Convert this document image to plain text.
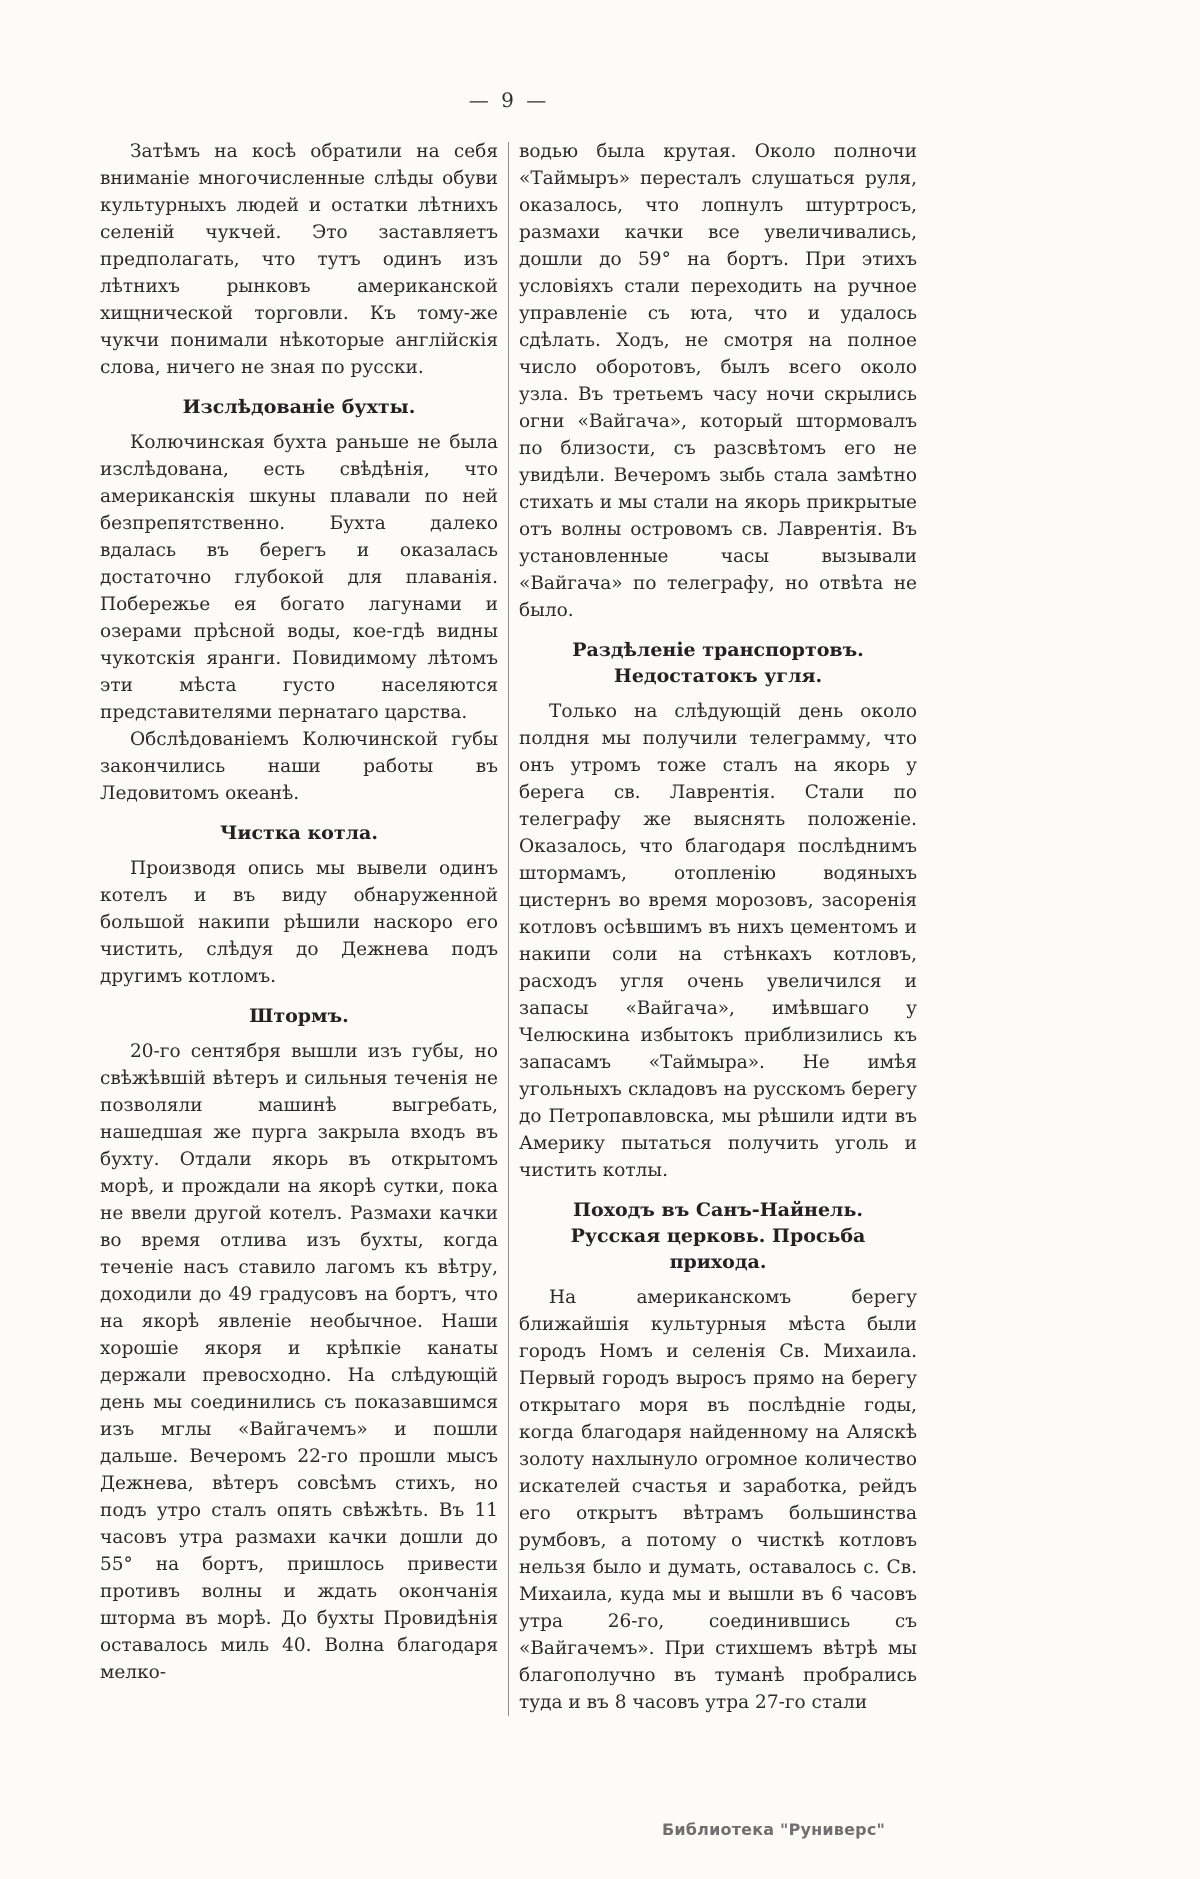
— 9 —

Затѣмъ на косѣ обратили на себя вниманіе многочисленные слѣды обуви культурныхъ людей и остатки лѣтнихъ селеній чукчей. Это заставляетъ предполагать, что тутъ одинъ изъ лѣтнихъ рынковъ американской хищнической торговли. Къ тому-же чукчи понимали нѣкоторые англійскія слова, ничего не зная по русски.

Изслѣдованіе бухты.

Колючинская бухта раньше не была изслѣдована, есть свѣдѣнія, что американскія шкуны плавали по ней безпрепятственно. Бухта далеко вдалась въ берегъ и оказалась достаточно глубокой для плаванія. Побережье ея богато лагунами и озерами прѣсной воды, кое-гдѣ видны чукотскія яранги. Повидимому лѣтомъ эти мѣста густо населяются представителями пернатаго царства.

Обслѣдованіемъ Колючинской губы закончились наши работы въ Ледовитомъ океанѣ.

Чистка котла.

Производя опись мы вывели одинъ котелъ и въ виду обнаруженной большой накипи рѣшили наскоро его чистить, слѣдуя до Дежнева подъ другимъ котломъ.

Штормъ.

20-го сентября вышли изъ губы, но свѣжѣвшій вѣтеръ и сильныя теченія не позволяли машинѣ выгребать, нашедшая же пурга закрыла входъ въ бухту. Отдали якорь въ открытомъ морѣ, и прождали на якорѣ сутки, пока не ввели другой котелъ. Размахи качки во время отлива изъ бухты, когда теченіе насъ ставило лагомъ къ вѣтру, доходили до 49 градусовъ на бортъ, что на якорѣ явленіе необычное. Наши хорошіе якоря и крѣпкіе канаты держали превосходно. На слѣдующій день мы соединились съ показавшимся изъ мглы «Вайгачемъ» и пошли дальше. Вечеромъ 22-го прошли мысъ Дежнева, вѣтеръ совсѣмъ стихъ, но подъ утро сталъ опять свѣжѣть. Въ 11 часовъ утра размахи качки дошли до 55° на бортъ, пришлось привести противъ волны и ждать окончанія шторма въ морѣ. До бухты Провидѣнія оставалось миль 40. Волна благодаря мелко-

водью была крутая. Около полночи «Таймыръ» пересталъ слушаться руля, оказалось, что лопнулъ штуртросъ, размахи качки все увеличивались, дошли до 59° на бортъ. При этихъ условіяхъ стали переходить на ручное управленіе съ юта, что и удалось сдѣлать. Ходъ, не смотря на полное число оборотовъ, былъ всего около узла. Въ третьемъ часу ночи скрылись огни «Вайгача», который штормовалъ по близости, съ разсвѣтомъ его не увидѣли. Вечеромъ зыбь стала замѣтно стихать и мы стали на якорь прикрытые отъ волны островомъ св. Лаврентія. Въ установленные часы вызывали «Вайгача» по телеграфу, но отвѣта не было.

Раздѣленіе транспортовъ. Недостатокъ угля.

Только на слѣдующій день около полдня мы получили телеграмму, что онъ утромъ тоже сталъ на якорь у берега св. Лаврентія. Стали по телеграфу же выяснять положеніе. Оказалось, что благодаря послѣднимъ штормамъ, отопленію водяныхъ цистернъ во время морозовъ, засоренія котловъ осѣвшимъ въ нихъ цементомъ и накипи соли на стѣнкахъ котловъ, расходъ угля очень увеличился и запасы «Вайгача», имѣвшаго у Челюскина избытокъ приблизились къ запасамъ «Таймыра». Не имѣя угольныхъ складовъ на русскомъ берегу до Петропавловска, мы рѣшили идти въ Америку пытаться получить уголь и чистить котлы.

Походъ въ Санъ-Найнель. Русская церковь. Просьба прихода.

На американскомъ берегу ближайшія культурныя мѣста были городъ Номъ и селенія Св. Михаила. Первый городъ выросъ прямо на берегу открытаго моря въ послѣдніе годы, когда благодаря найденному на Аляскѣ золоту нахлынуло огромное количество искателей счастья и заработка, рейдъ его открытъ вѣтрамъ большинства румбовъ, а потому о чисткѣ котловъ нельзя было и думать, оставалось с. Св. Михаила, куда мы и вышли въ 6 часовъ утра 26-го, соединившись съ «Вайгачемъ». При стихшемъ вѣтрѣ мы благополучно въ туманѣ пробрались туда и въ 8 часовъ утра 27-го стали

Библиотека "Руниверс"
